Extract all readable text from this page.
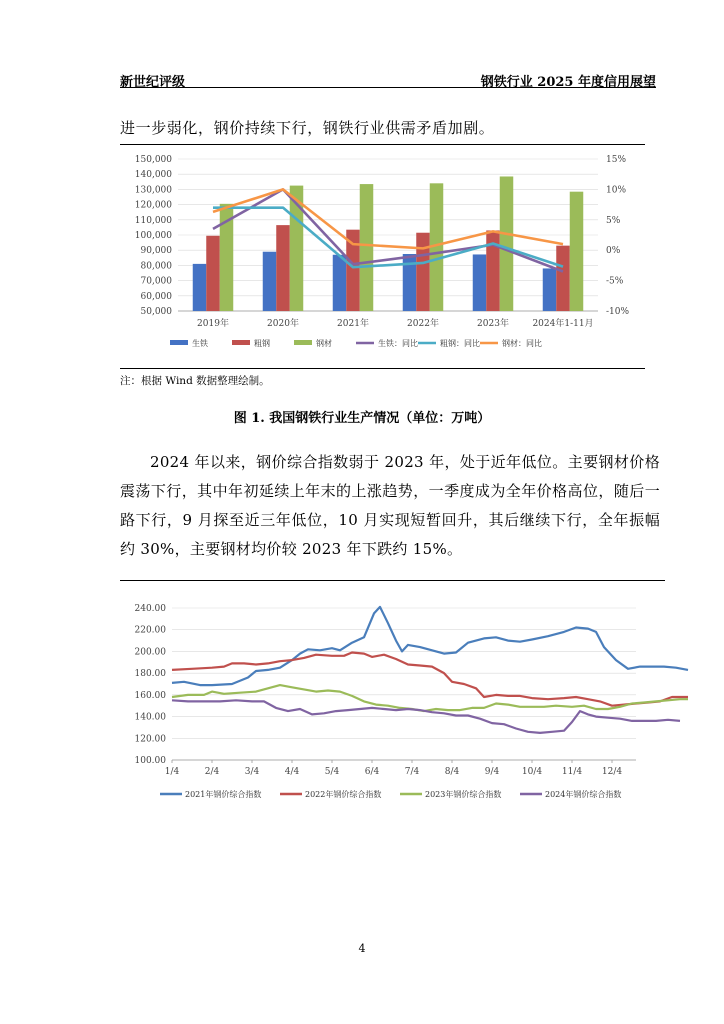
新世纪评级	钢铁行业 2025 年度信用展望
进一步弱化，钢价持续下行，钢铁行业供需矛盾加剧。
150,000
140,000
130,000
120,000
110,000
100,000
90,000
80,000
70,000
60,000
50,000
15%
10%
5%
0%
-5%
-10%
2019年	2020年	2021年	2022年	2023年	2024年1-11月
生铁	粗钢	钢材	生铁：同比	粗钢：同比	钢材：同比
注：根据 Wind 数据整理绘制。
图 1. 我国钢铁行业生产情况（单位：万吨）

2024 年以来，钢价综合指数弱于 2023 年，处于近年低位。主要钢材价格震荡下行，其中年初延续上年末的上涨趋势，一季度成为全年价格高位，随后一路下行，9 月探至近三年低位，10 月实现短暂回升，其后继续下行，全年振幅约 30%，主要钢材均价较 2023 年下跌约 15%。

240.00
220.00
200.00
180.00
160.00
140.00
120.00
100.00
1/4	2/4	3/4	4/4	5/4	6/4	7/4	8/4	9/4	10/4 11/4 12/4
2021年钢价综合指数	2022年钢价综合指数	2023年钢价综合指数	2024年钢价综合指数
4
